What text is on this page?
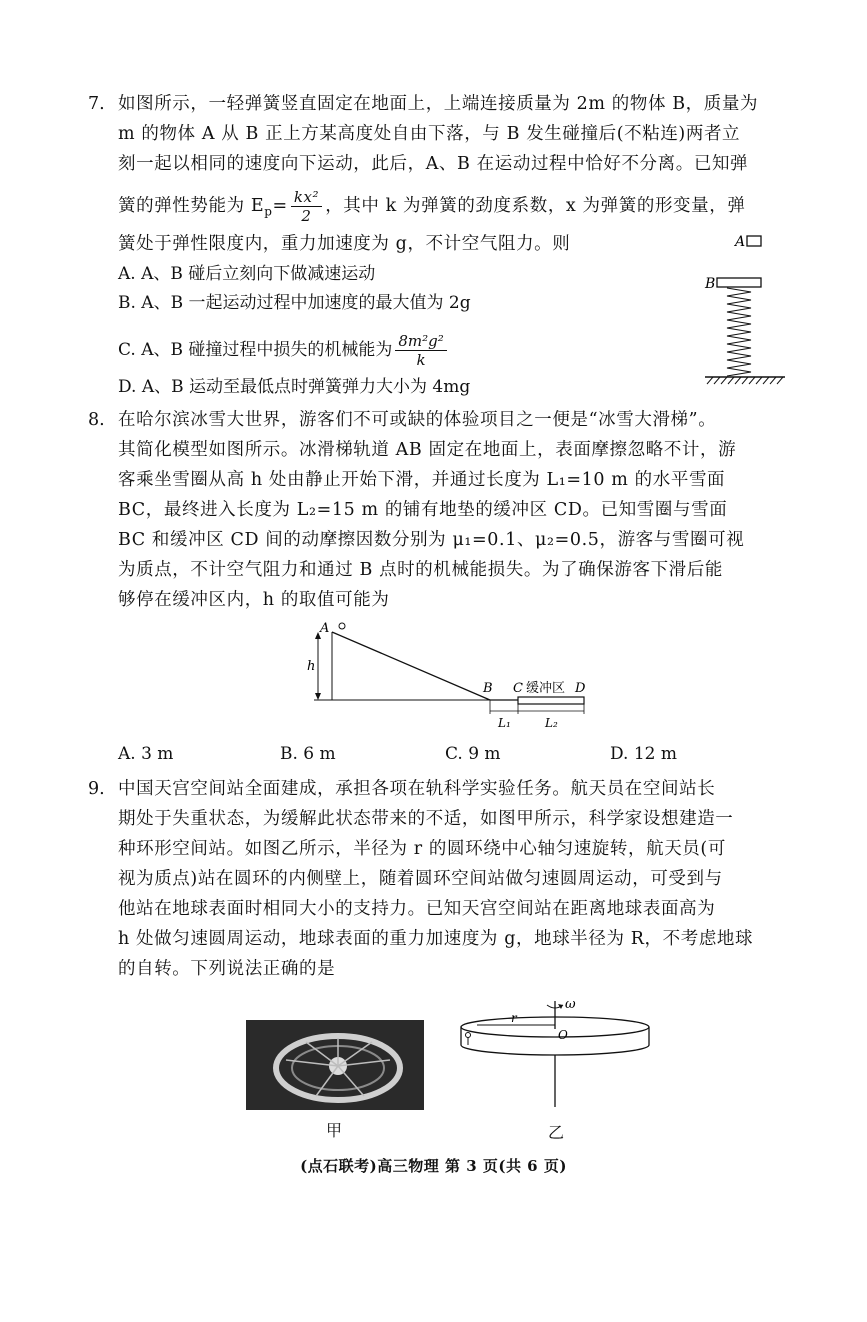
7. 如图所示，一轻弹簧竖直固定在地面上，上端连接质量为 2m 的物体 B，质量为
m 的物体 A 从 B 正上方某高度处自由下落，与 B 发生碰撞后(不粘连)两者立
刻一起以相同的速度向下运动，此后，A、B 在运动过程中恰好不分离。已知弹
簧的弹性势能为 $E_p= \frac{\text{kx²}}{2}$ ，其中 k 为弹簧的劲度系数，x 为弹簧的形变量，弹
簧处于弹性限度内，重力加速度为 g，不计空气阻力。则
A. A、B 碰后立刻向下做减速运动
B. A、B 一起运动过程中加速度的最大值为 2g
C. A、B 碰撞过程中损失的机械能为 $\frac{\text{8m²g²}}{k}$
D. A、B 运动至最低点时弹簧弹力大小为 4mg
A
B
8. 在哈尔滨冰雪大世界，游客们不可或缺的体验项目之一便是“冰雪大滑梯”。
其简化模型如图所示。冰滑梯轨道 AB 固定在地面上，表面摩擦忽略不计，游
客乘坐雪圈从高 h 处由静止开始下滑，并通过长度为 L₁=10 m 的水平雪面
BC，最终进入长度为 L₂=15 m 的铺有地垫的缓冲区 CD。已知雪圈与雪面
BC 和缓冲区 CD 间的动摩擦因数分别为 μ₁=0.1、μ₂=0.5，游客与雪圈可视
为质点，不计空气阻力和通过 B 点时的机械能损失。为了确保游客下滑后能
够停在缓冲区内，h 的取值可能为
A
h
B C 缓冲区 D
L₁	L₂
A. 3 m	B. 6 m	C. 9 m	D. 12 m
9. 中国天宫空间站全面建成，承担各项在轨科学实验任务。航天员在空间站长
期处于失重状态，为缓解此状态带来的不适，如图甲所示，科学家设想建造一
种环形空间站。如图乙所示，半径为 r 的圆环绕中心轴匀速旋转，航天员(可
视为质点)站在圆环的内侧壁上，随着圆环空间站做匀速圆周运动，可受到与
他站在地球表面时相同大小的支持力。已知天宫空间站在距离地球表面高为
h 处做匀速圆周运动，地球表面的重力加速度为 g，地球半径为 R，不考虑地球
的自转。下列说法正确的是
甲
ω
r
O
乙
(点石联考)高三物理 第 3 页(共 6 页)
